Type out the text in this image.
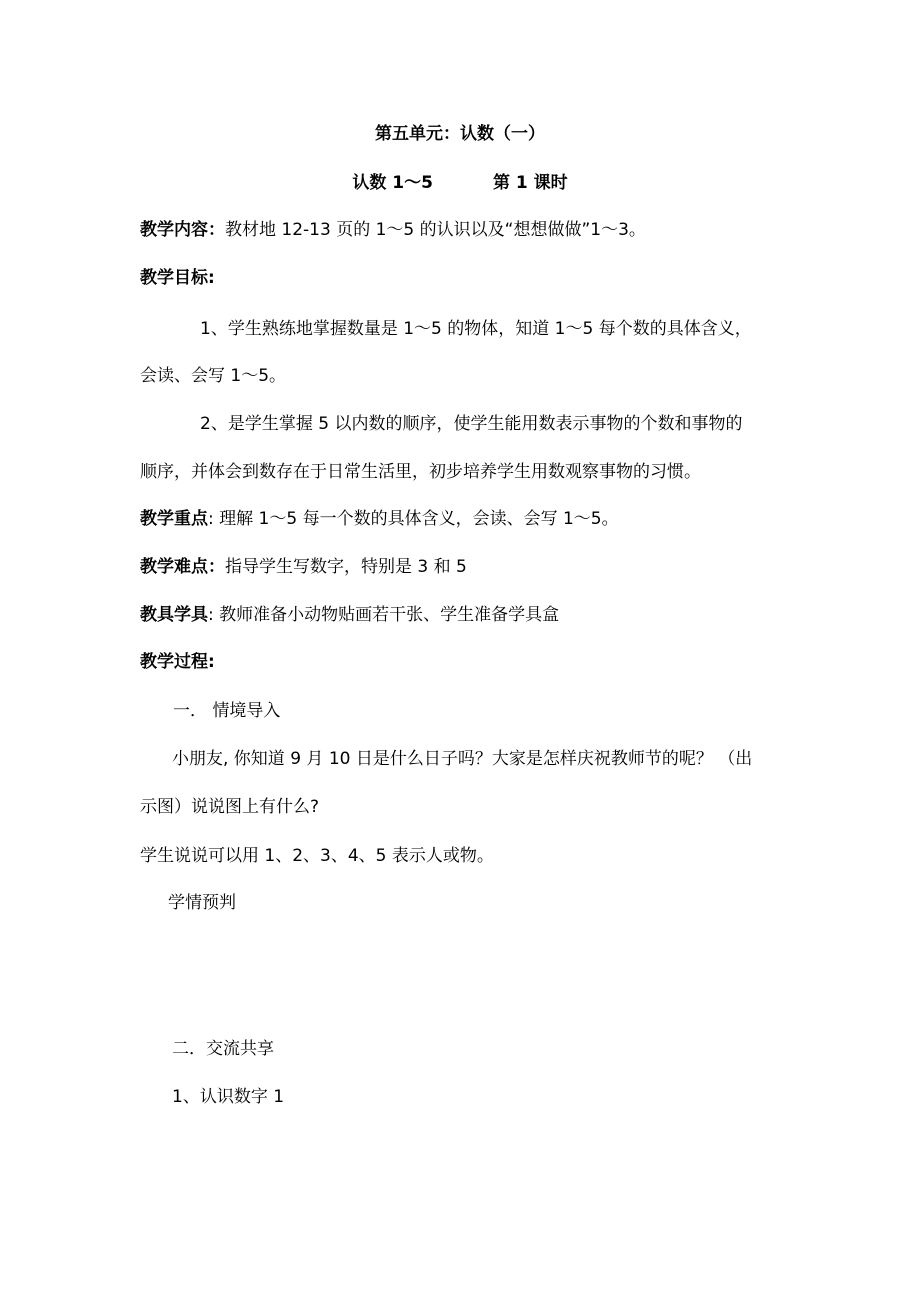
第五单元：认数（一）
认数 1～5	第 1 课时
教学内容：教材地 12-13 页的 1～5 的认识以及“想想做做”1～3。
教学目标:
1、学生熟练地掌握数量是 1～5 的物体，知道 1～5 每个数的具体含义，
会读、会写 1～5。
2、是学生掌握 5 以内数的顺序，使学生能用数表示事物的个数和事物的
顺序，并体会到数存在于日常生活里，初步培养学生用数观察事物的习惯。
教学重点: 理解 1～5 每一个数的具体含义，会读、会写 1～5。
教学难点：指导学生写数字，特别是 3 和 5
教具学具: 教师准备小动物贴画若干张、学生准备学具盒
教学过程:
一． 情境导入
小朋友, 你知道 9 月 10 日是什么日子吗？大家是怎样庆祝教师节的呢？ （出
示图）说说图上有什么?
学生说说可以用 1、2、3、4、5 表示人或物。
学情预判
二．交流共享
1、认识数字 1
